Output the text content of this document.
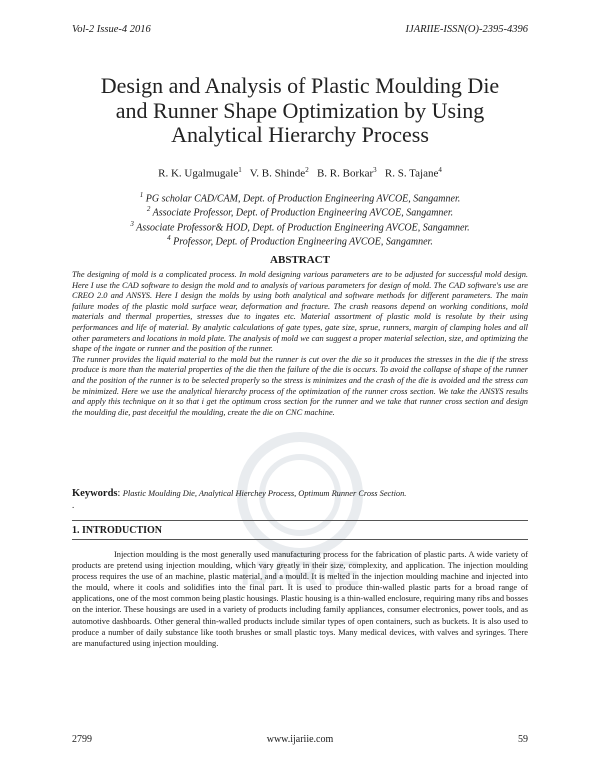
IJARIIE
Vol-2 Issue-4 2016	IJARIIE-ISSN(O)-2395-4396
Design and Analysis of Plastic Moulding Die
and Runner Shape Optimization by Using
Analytical Hierarchy Process
R. K. Ugalmugale$^1$ V. B. Shinde$^2$ B. R. Borkar$^3$ R. S. Tajane$^4$
$^1$ PG scholar CAD/CAM, Dept. of Production Engineering AVCOE, Sangamner.
$^2$ Associate Professor, Dept. of Production Engineering AVCOE, Sangamner.
$^3$ Associate Professor& HOD, Dept. of Production Engineering AVCOE, Sangamner.
$^4$ Professor, Dept. of Production Engineering AVCOE, Sangamner.
ABSTRACT

The designing of mold is a complicated process. In mold designing various parameters are to be adjusted for successful mold design. Here I use the CAD software to design the mold and to analysis of various parameters for design of mold. The CAD software's use are CREO 2.0 and ANSYS. Here I design the molds by using both analytical and software methods for different parameters. The main failure modes of the plastic mold surface wear, deformation and fracture. The crash reasons depend on working conditions, mold materials and thermal properties, stresses due to ingates etc. Material assortment of plastic mold is resolute by their using performances and life of material. By analytic calculations of gate types, gate size, sprue, runners, margin of clamping holes and all other parameters and locations in mold plate. The analysis of mold we can suggest a proper material selection, size, and optimizing the shape of the ingate or runner and the position of the runner.

The runner provides the liquid material to the mold but the runner is cut over the die so it produces the stresses in the die if the stress produce is more than the material properties of the die then the failure of the die is occurs. To avoid the collapse of shape of the runner and the position of the runner is to be selected properly so the stress is minimizes and the crash of the die is avoided and the stress can be minimized. Here we use the analytical hierarchy process of the optimization of the runner cross section. We take the ANSYS results and apply this technique on it so that i get the optimum cross section for the runner and we take that runner cross section and design the moulding die, past deceitful the moulding, create the die on CNC machine.

Keywords: Plastic Moulding Die, Analytical Hierchey Process, Optimum Runner Cross Section.
.
1. INTRODUCTION
Injection moulding is the most generally used manufacturing process for the fabrication of plastic parts. A wide variety of products are pretend using injection moulding, which vary greatly in their size, complexity, and application. The injection moulding process requires the use of an machine, plastic material, and a mould. It is melted in the injection moulding machine and injected into the mould, where it cools and solidifies into the final part. It is used to produce thin-walled plastic parts for a broad range of applications, one of the most common being plastic housings. Plastic housing is a thin-walled enclosure, requiring many ribs and bosses on the interior. These housings are used in a variety of products including family appliances, consumer electronics, power tools, and as automotive dashboards. Other general thin-walled products include similar types of open containers, such as buckets. It is also used to produce a number of daily substance like tooth brushes or small plastic toys. Many medical devices, with valves and syringes. There are manufactured using injection moulding.
2799	www.ijariie.com	59
